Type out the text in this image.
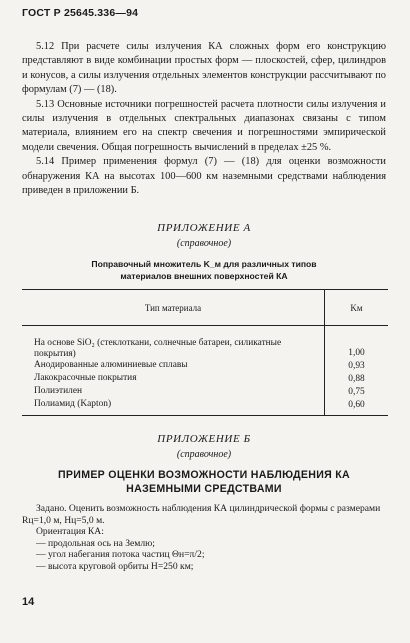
ГОСТ Р 25645.336—94

5.12 При расчете силы излучения КА сложных форм его конструкцию представляют в виде комбинации простых форм — плоскостей, сфер, цилиндров и конусов, а силы излучения отдельных элементов конструкции рассчитывают по формулам (7) — (18).

5.13 Основные источники погрешностей расчета плотности силы излучения и силы излучения в отдельных спектральных диапазонах связаны с типом материала, влиянием его на спектр свечения и погрешностями эмпирической модели свечения. Общая погрешность вычислений в пределах ±25 %.

5.14 Пример применения формул (7) — (18) для оценки возможности обнаружения КА на высотах 100—600 км наземными средствами наблюдения приведен в приложении Б.

ПРИЛОЖЕНИЕ А
(справочное)
Поправочный множитель K_м для различных типов
материалов внешних поверхностей КА
Тип материала	Kм

На основе SiO₂ (стеклоткани, солнечные батареи, силикатные покрытия)	1,00
Анодированные алюминиевые сплавы	0,93
Лакокрасочные покрытия	0,88
Полиэтилен	0,75
Полиамид (Kapton)	0,60
ПРИЛОЖЕНИЕ Б
(справочное)
ПРИМЕР ОЦЕНКИ ВОЗМОЖНОСТИ НАБЛЮДЕНИЯ КА
НАЗЕМНЫМИ СРЕДСТВАМИ

Задано. Оценить возможность наблюдения КА цилиндрической формы с размерами Rц=1,0 м, Hц=5,0 м.

Ориентация КА:

— продольная ось на Землю;

— угол набегания потока частиц Θн=π/2;

— высота круговой орбиты H=250 км;

14
